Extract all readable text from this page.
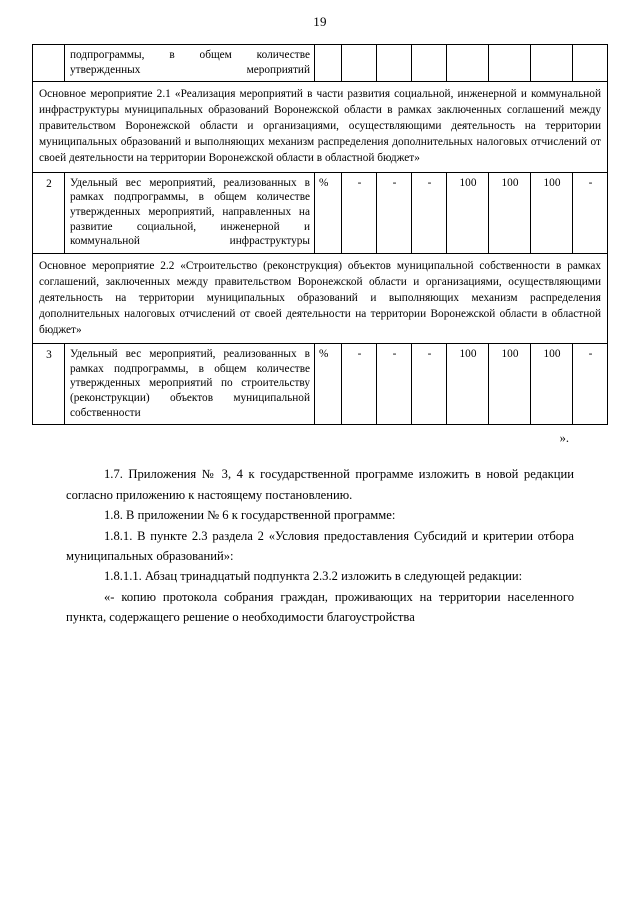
19
	подпрограммы, в общем количестве утвержденных мероприятий								
Основное мероприятие 2.1 «Реализация мероприятий в части развития социальной, инженерной и коммунальной инфраструктуры муниципальных образований Воронежской области в рамках заключенных соглашений между правительством Воронежской области и организациями, осуществляющими деятельность на территории муниципальных образований и выполняющих механизм распределения дополнительных налоговых отчислений от своей деятельности на территории Воронежской области в областной бюджет»									
2	Удельный вес мероприятий, реализованных в рамках подпрограммы, в общем количестве утвержденных мероприятий, направленных на развитие социальной, инженерной и коммунальной инфраструктуры	%	-	-	-	100	100	100	-
Основное мероприятие 2.2 «Строительство (реконструкция) объектов муниципальной собственности в рамках соглашений, заключенных между правительством Воронежской области и организациями, осуществляющими деятельность на территории муниципальных образований и выполняющих механизм распределения дополнительных налоговых отчислений от своей деятельности на территории Воронежской области в областной бюджет»									
3	Удельный вес мероприятий, реализованных в рамках подпрограммы, в общем количестве утвержденных мероприятий по строительству (реконструкции) объектов муниципальной собственности	%	-	-	-	100	100	100	-
».

1.7. Приложения № 3, 4 к государственной программе изложить в новой редакции согласно приложению к настоящему постановлению.

1.8. В приложении № 6 к государственной программе:

1.8.1. В пункте 2.3 раздела 2 «Условия предоставления Субсидий и критерии отбора муниципальных образований»:

1.8.1.1. Абзац тринадцатый подпункта 2.3.2 изложить в следующей редакции:

«- копию протокола собрания граждан, проживающих на территории населенного пункта, содержащего решение о необходимости благоустройства
